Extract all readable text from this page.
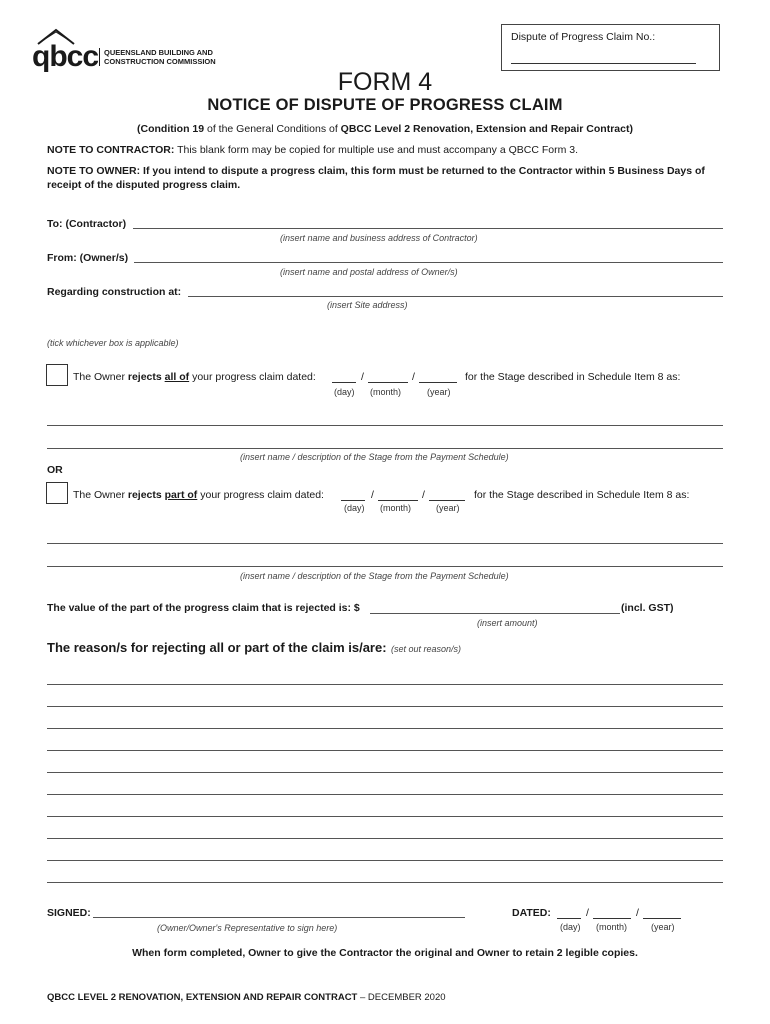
qbcc QUEENSLAND BUILDING AND
CONSTRUCTION COMMISSION
Dispute of Progress Claim No.:
FORM 4
NOTICE OF DISPUTE OF PROGRESS CLAIM
(Condition 19 of the General Conditions of QBCC Level 2 Renovation, Extension and Repair Contract)
NOTE TO CONTRACTOR: This blank form may be copied for multiple use and must accompany a QBCC Form 3.
NOTE TO OWNER: If you intend to dispute a progress claim, this form must be returned to the Contractor within 5 Business Days of
receipt of the disputed progress claim.
To: (Contractor)
(insert name and business address of Contractor)
From: (Owner/s)
(insert name and postal address of Owner/s)
Regarding construction at:
(insert Site address)
(tick whichever box is applicable)
The Owner rejects all of your progress claim dated:	/	/	for the Stage described in Schedule Item 8 as:
(day) (month)	(year)
(insert name / description of the Stage from the Payment Schedule)
OR
The Owner rejects part of your progress claim dated:	/	/	for the Stage described in Schedule Item 8 as:
(day) (month)	(year)
(insert name / description of the Stage from the Payment Schedule)
The value of the part of the progress claim that is rejected is: $	(incl. GST)
(insert amount)
The reason/s for rejecting all or part of the claim is/are: (set out reason/s)
SIGNED:
(Owner/Owner's Representative to sign here)
DATED:	/	/
(day) (month)	(year)
When form completed, Owner to give the Contractor the original and Owner to retain 2 legible copies.
QBCC LEVEL 2 RENOVATION, EXTENSION AND REPAIR CONTRACT – DECEMBER 2020
